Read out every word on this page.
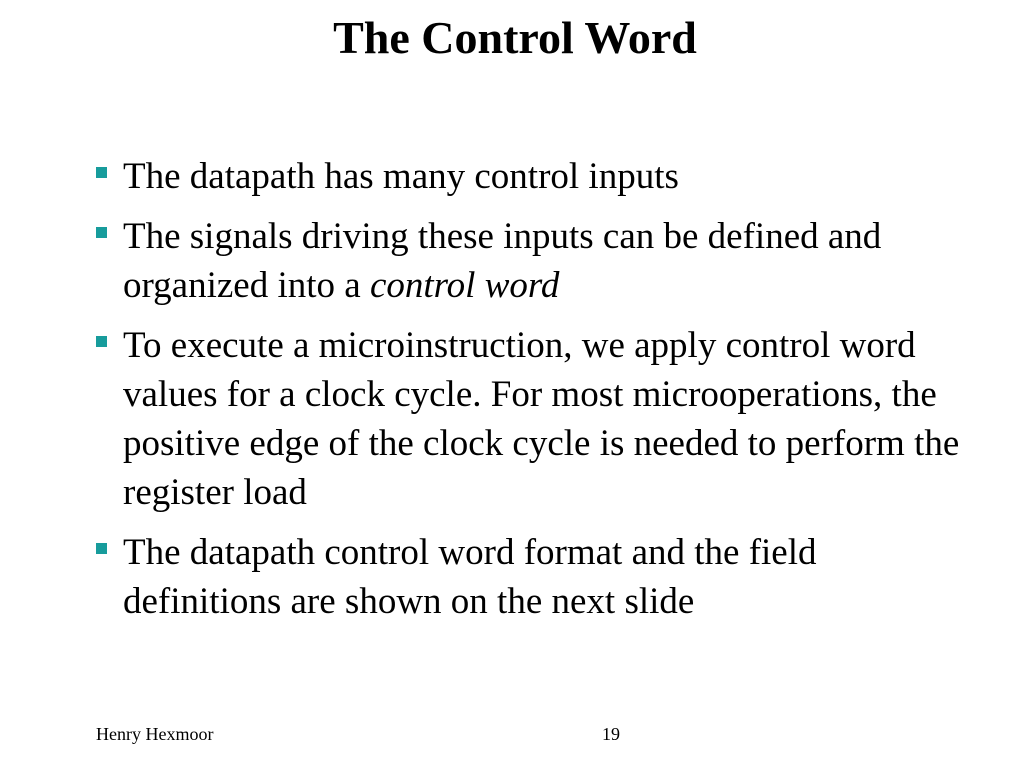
The Control Word
The datapath has many control inputs
The signals driving these inputs can be defined and organized into a control word
To execute a microinstruction, we apply control word values for a clock cycle. For most microoperations, the positive edge of the clock cycle is needed to perform the register load
The datapath control word format and the field definitions are shown on the next slide
Henry Hexmoor	19
